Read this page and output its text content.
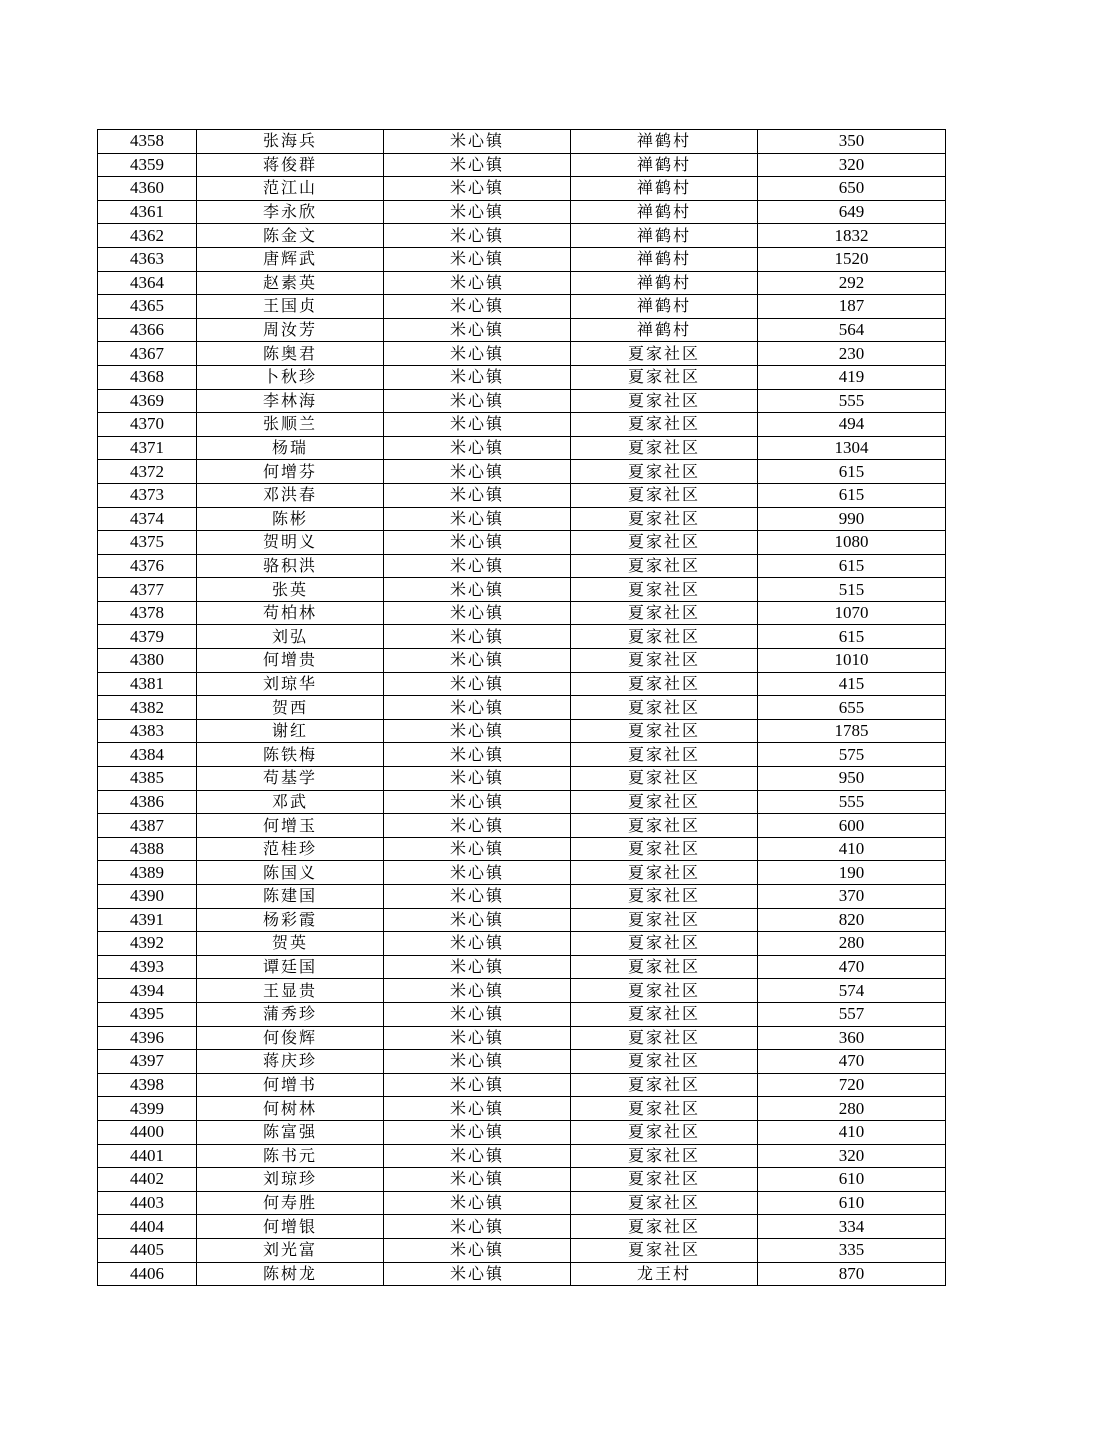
4358	张海兵	米心镇	禅鹤村	350
4359	蒋俊群	米心镇	禅鹤村	320
4360	范江山	米心镇	禅鹤村	650
4361	李永欣	米心镇	禅鹤村	649
4362	陈金文	米心镇	禅鹤村	1832
4363	唐辉武	米心镇	禅鹤村	1520
4364	赵素英	米心镇	禅鹤村	292
4365	王国贞	米心镇	禅鹤村	187
4366	周汝芳	米心镇	禅鹤村	564
4367	陈奥君	米心镇	夏家社区	230
4368	卜秋珍	米心镇	夏家社区	419
4369	李林海	米心镇	夏家社区	555
4370	张顺兰	米心镇	夏家社区	494
4371	杨瑞	米心镇	夏家社区	1304
4372	何增芬	米心镇	夏家社区	615
4373	邓洪春	米心镇	夏家社区	615
4374	陈彬	米心镇	夏家社区	990
4375	贺明义	米心镇	夏家社区	1080
4376	骆积洪	米心镇	夏家社区	615
4377	张英	米心镇	夏家社区	515
4378	苟柏林	米心镇	夏家社区	1070
4379	刘弘	米心镇	夏家社区	615
4380	何增贵	米心镇	夏家社区	1010
4381	刘琼华	米心镇	夏家社区	415
4382	贺西	米心镇	夏家社区	655
4383	谢红	米心镇	夏家社区	1785
4384	陈铁梅	米心镇	夏家社区	575
4385	苟基学	米心镇	夏家社区	950
4386	邓武	米心镇	夏家社区	555
4387	何增玉	米心镇	夏家社区	600
4388	范桂珍	米心镇	夏家社区	410
4389	陈国义	米心镇	夏家社区	190
4390	陈建国	米心镇	夏家社区	370
4391	杨彩霞	米心镇	夏家社区	820
4392	贺英	米心镇	夏家社区	280
4393	谭廷国	米心镇	夏家社区	470
4394	王显贵	米心镇	夏家社区	574
4395	蒲秀珍	米心镇	夏家社区	557
4396	何俊辉	米心镇	夏家社区	360
4397	蒋庆珍	米心镇	夏家社区	470
4398	何增书	米心镇	夏家社区	720
4399	何树林	米心镇	夏家社区	280
4400	陈富强	米心镇	夏家社区	410
4401	陈书元	米心镇	夏家社区	320
4402	刘琼珍	米心镇	夏家社区	610
4403	何寿胜	米心镇	夏家社区	610
4404	何增银	米心镇	夏家社区	334
4405	刘光富	米心镇	夏家社区	335
4406	陈树龙	米心镇	龙王村	870
